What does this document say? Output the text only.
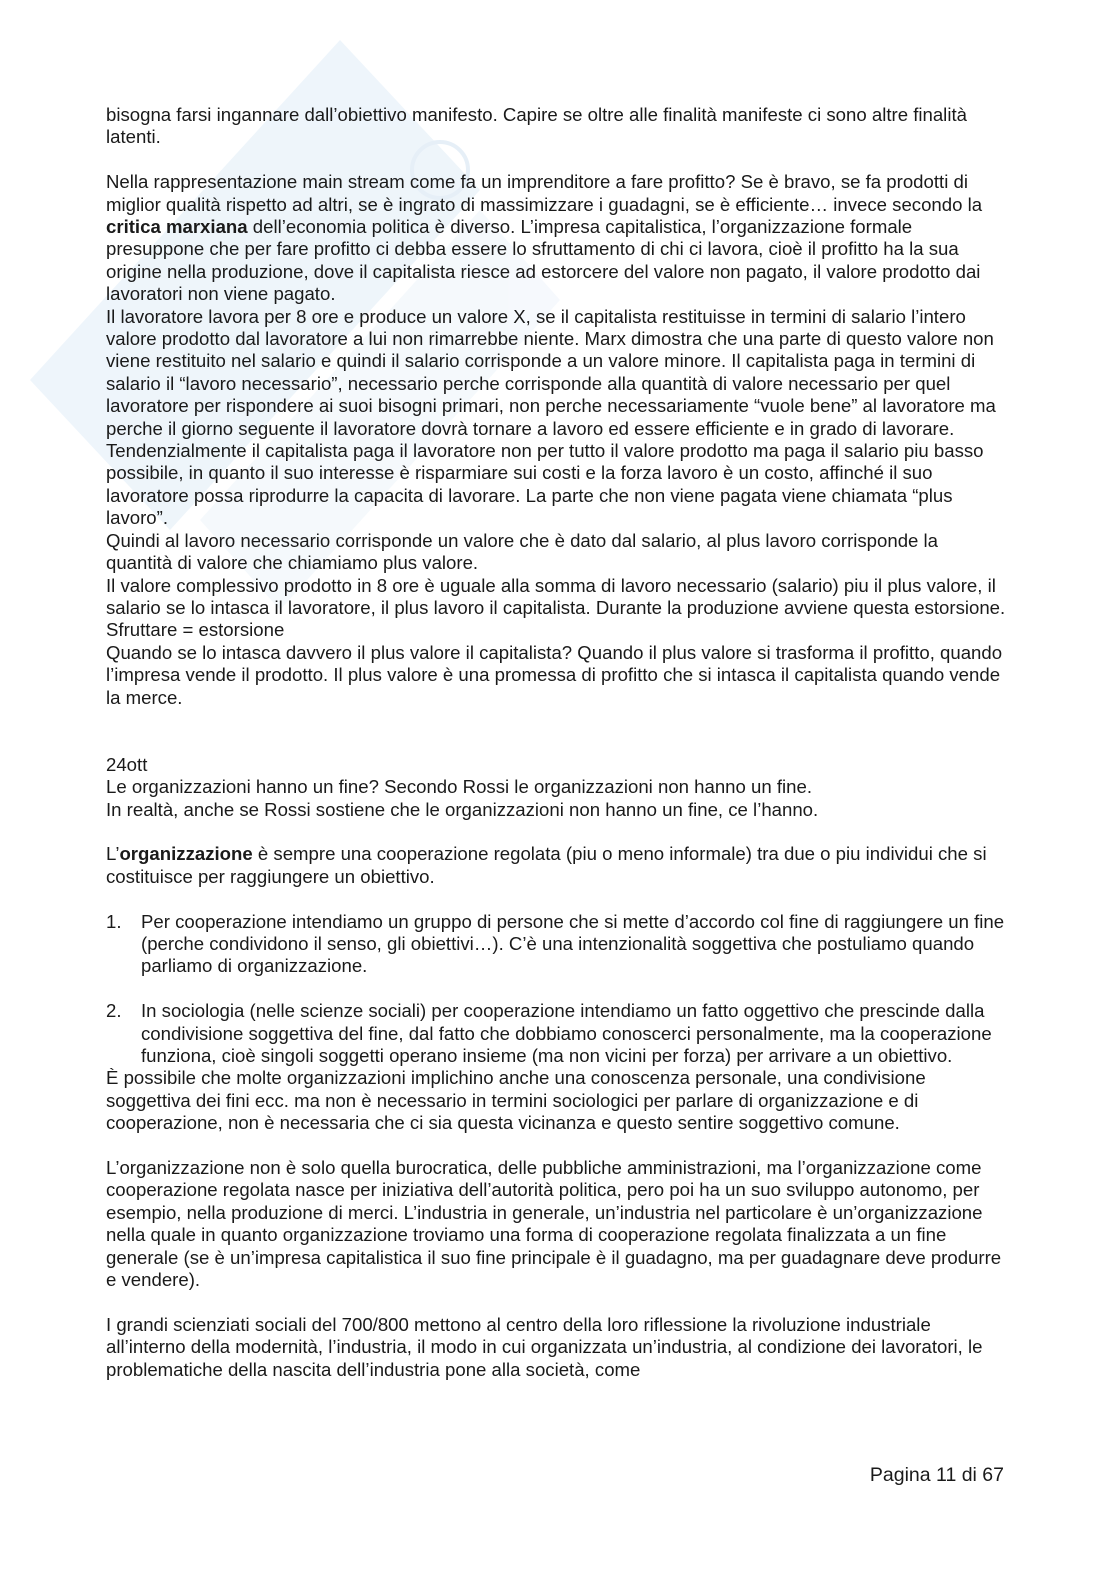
bisogna farsi ingannare dall’obiettivo manifesto. Capire se oltre alle finalità manifeste ci sono altre finalità latenti.

Nella rappresentazione main stream come fa un imprenditore a fare profitto? Se è bravo, se fa prodotti di miglior qualità rispetto ad altri, se è ingrato di massimizzare i guadagni, se è efficiente… invece secondo la critica marxiana dell’economia politica è diverso. L’impresa capitalistica, l’organizzazione formale presuppone che per fare profitto ci debba essere lo sfruttamento di chi ci lavora, cioè il profitto ha la sua origine nella produzione, dove il capitalista riesce ad estorcere del valore non pagato, il valore prodotto dai lavoratori non viene pagato.

Il lavoratore lavora per 8 ore e produce un valore X, se il capitalista restituisse in termini di salario l’intero valore prodotto dal lavoratore a lui non rimarrebbe niente. Marx dimostra che una parte di questo valore non viene restituito nel salario e quindi il salario corrisponde a un valore minore. Il capitalista paga in termini di salario il “lavoro necessario”, necessario perche corrisponde alla quantità di valore necessario per quel lavoratore per rispondere ai suoi bisogni primari, non perche necessariamente “vuole bene” al lavoratore ma perche il giorno seguente il lavoratore dovrà tornare a lavoro ed essere efficiente e in grado di lavorare. Tendenzialmente il capitalista paga il lavoratore non per tutto il valore prodotto ma paga il salario piu basso possibile, in quanto il suo interesse è risparmiare sui costi e la forza lavoro è un costo, affinché il suo lavoratore possa riprodurre la capacita di lavorare. La parte che non viene pagata viene chiamata “plus lavoro”.

Quindi al lavoro necessario corrisponde un valore che è dato dal salario, al plus lavoro corrisponde la quantità di valore che chiamiamo plus valore.

Il valore complessivo prodotto in 8 ore è uguale alla somma di lavoro necessario (salario) piu il plus valore, il salario se lo intasca il lavoratore, il plus lavoro il capitalista. Durante la produzione avviene questa estorsione. Sfruttare = estorsione

Quando se lo intasca davvero il plus valore il capitalista? Quando il plus valore si trasforma il profitto, quando l’impresa vende il prodotto. Il plus valore è una promessa di profitto che si intasca il capitalista quando vende la merce.

24ott

Le organizzazioni hanno un fine? Secondo Rossi le organizzazioni non hanno un fine.

In realtà, anche se Rossi sostiene che le organizzazioni non hanno un fine, ce l’hanno.

L’organizzazione è sempre una cooperazione regolata (piu o meno informale) tra due o piu individui che si costituisce per raggiungere un obiettivo.

1. Per cooperazione intendiamo un gruppo di persone che si mette d’accordo col fine di raggiungere un fine (perche condividono il senso, gli obiettivi…). C’è una intenzionalità soggettiva che postuliamo quando parliamo di organizzazione.

2. In sociologia (nelle scienze sociali) per cooperazione intendiamo un fatto oggettivo che prescinde dalla condivisione soggettiva del fine, dal fatto che dobbiamo conoscerci personalmente, ma la cooperazione funziona, cioè singoli soggetti operano insieme (ma non vicini per forza) per arrivare a un obiettivo.

È possibile che molte organizzazioni implichino anche una conoscenza personale, una condivisione soggettiva dei fini ecc. ma non è necessario in termini sociologici per parlare di organizzazione e di cooperazione, non è necessaria che ci sia questa vicinanza e questo sentire soggettivo comune.

L’organizzazione non è solo quella burocratica, delle pubbliche amministrazioni, ma l’organizzazione come cooperazione regolata nasce per iniziativa dell’autorità politica, pero poi ha un suo sviluppo autonomo, per esempio, nella produzione di merci. L’industria in generale, un’industria nel particolare è un’organizzazione nella quale in quanto organizzazione troviamo una forma di cooperazione regolata finalizzata a un fine generale (se è un’impresa capitalistica il suo fine principale è il guadagno, ma per guadagnare deve produrre e vendere).

I grandi scienziati sociali del 700/800 mettono al centro della loro riflessione la rivoluzione industriale all’interno della modernità, l’industria, il modo in cui organizzata un’industria, al condizione dei lavoratori, le problematiche della nascita dell’industria pone alla società, come

Pagina 11 di 67
